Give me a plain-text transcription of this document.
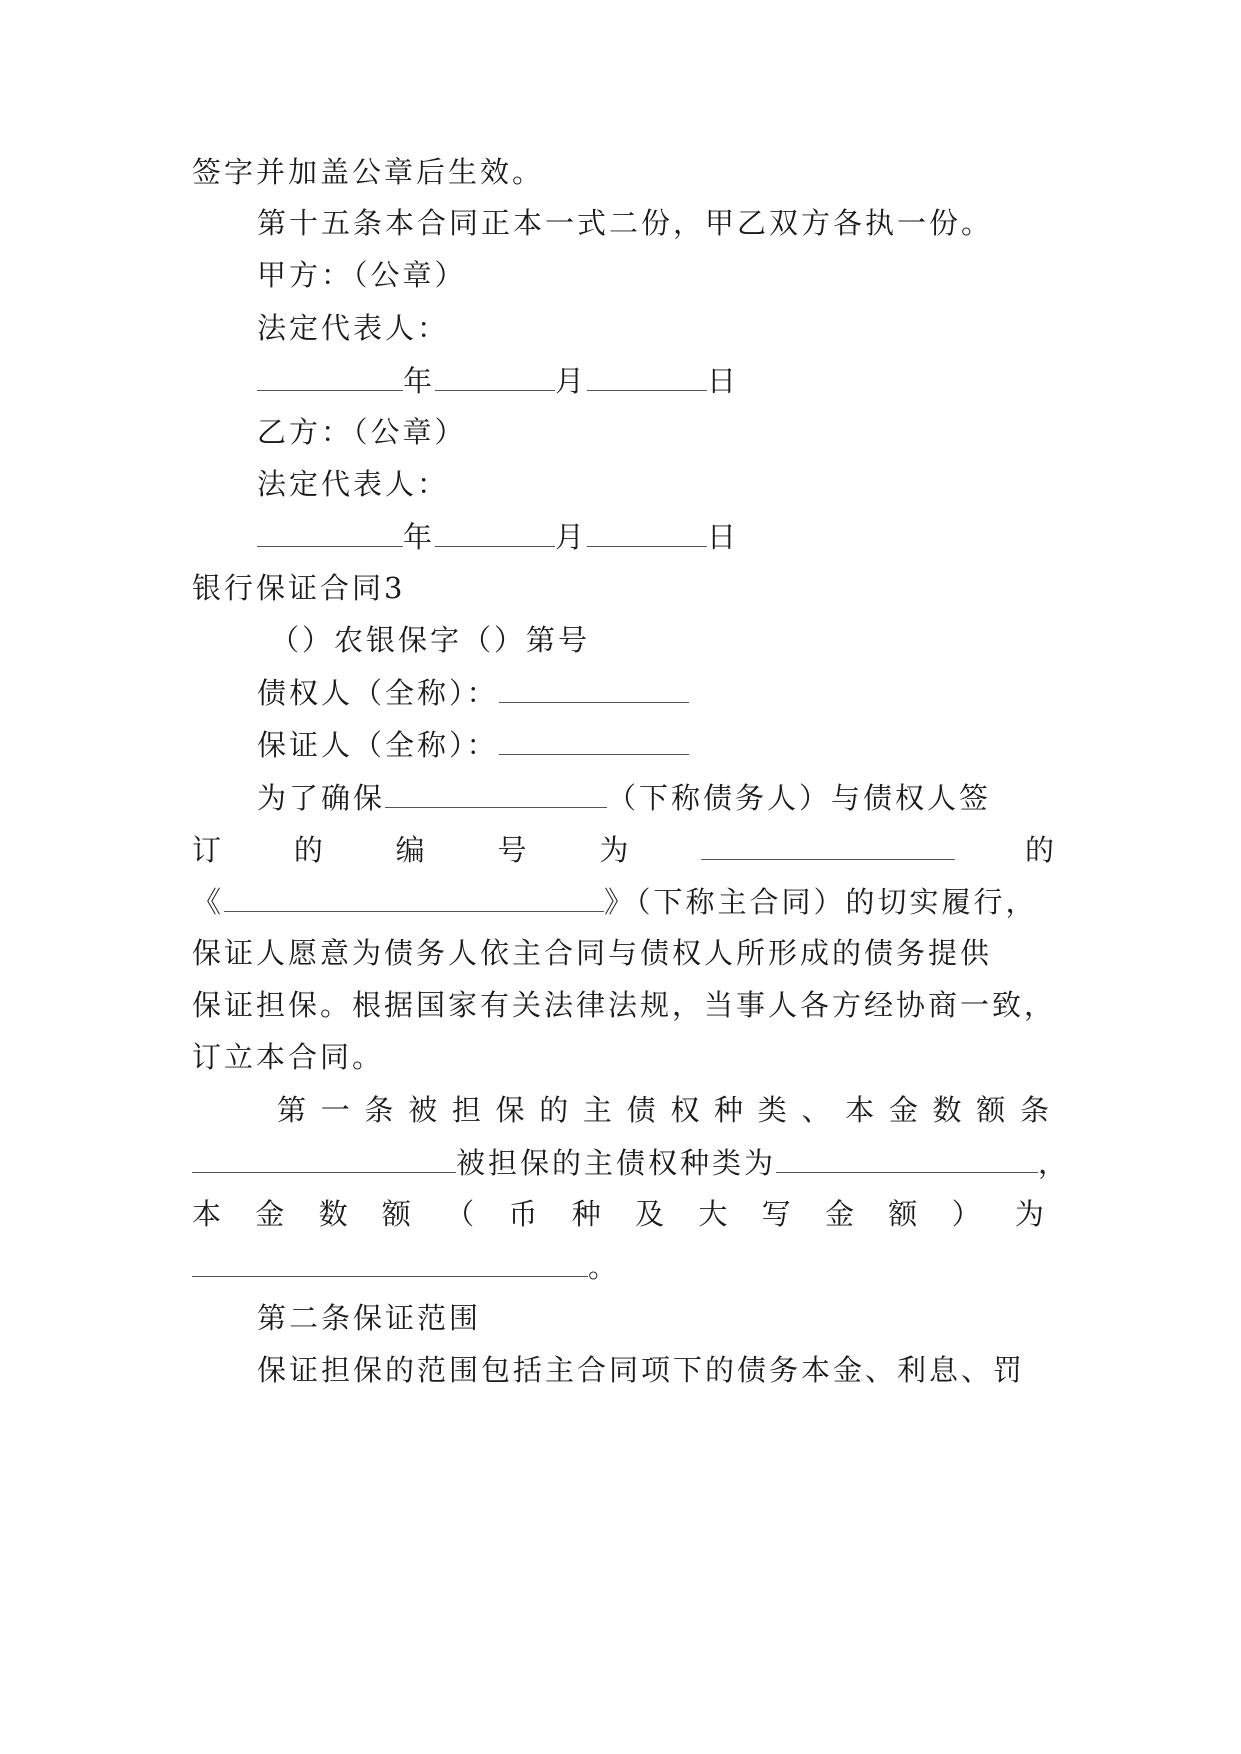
签字并加盖公章后生效。
第十五条本合同正本一式二份，甲乙双方各执一份。
甲方：（公章）
法定代表人：
年	月	日
乙方：（公章）
法定代表人：
年	月	日
银行保证合同3
（）农银保字（）第号
债权人（全称）：
保证人（全称）：
为了确保	（下称债务人）与债权人签
订 的 编 号 为	的
《	》（下称主合同）的切实履行，
保证人愿意为债务人依主合同与债权人所形成的债务提供
保证担保。根据国家有关法律法规，当事人各方经协商一致，
订立本合同。
第 一 条 被 担 保 的 主 债 权 种 类 、 本 金 数 额 条
被担保的主债权种类为	，
本 金 数 额 （ 币 种 及 大 写 金 额 ） 为
。
第二条保证范围
保证担保的范围包括主合同项下的债务本金、利息、罚
